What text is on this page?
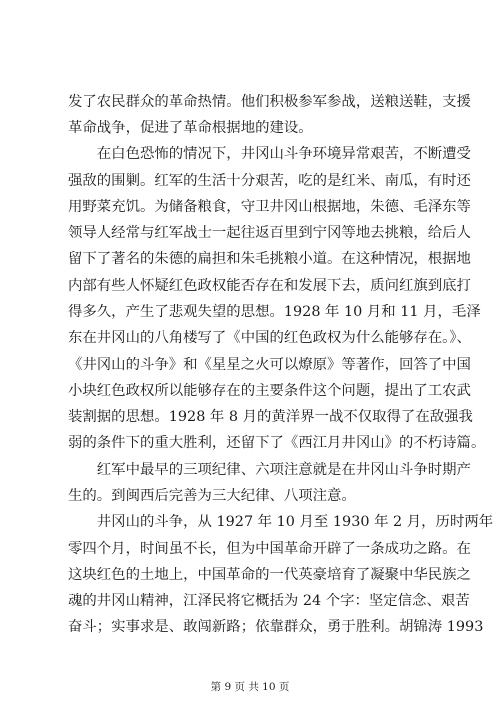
发了农民群众的革命热情。他们积极参军参战，送粮送鞋，支援
革命战争，促进了革命根据地的建设。
　　在白色恐怖的情况下，井冈山斗争环境异常艰苦，不断遭受
强敌的围剿。红军的生活十分艰苦，吃的是红米、南瓜，有时还
用野菜充饥。为储备粮食，守卫井冈山根据地，朱德、毛泽东等
领导人经常与红军战士一起往返百里到宁冈等地去挑粮，给后人
留下了著名的朱德的扁担和朱毛挑粮小道。在这种情况，根据地
内部有些人怀疑红色政权能否存在和发展下去，质问红旗到底打
得多久，产生了悲观失望的思想。1928 年 10 月和 11 月，毛泽
东在井冈山的八角楼写了《中国的红色政权为什么能够存在。》、
《井冈山的斗争》和《星星之火可以燎原》等著作，回答了中国
小块红色政权所以能够存在的主要条件这个问题，提出了工农武
装割据的思想。1928 年 8 月的黄洋界一战不仅取得了在敌强我
弱的条件下的重大胜利，还留下了《西江月井冈山》的不朽诗篇。
　　红军中最早的三项纪律、六项注意就是在井冈山斗争时期产
生的。到闽西后完善为三大纪律、八项注意。
　　井冈山的斗争，从 1927 年 10 月至 1930 年 2 月，历时两年
零四个月，时间虽不长，但为中国革命开辟了一条成功之路。在
这块红色的土地上，中国革命的一代英豪培育了凝聚中华民族之
魂的井冈山精神，江泽民将它概括为 24 个字：坚定信念、艰苦
奋斗；实事求是、敢闯新路；依靠群众，勇于胜利。胡锦涛 1993
第 9 页 共 10 页
